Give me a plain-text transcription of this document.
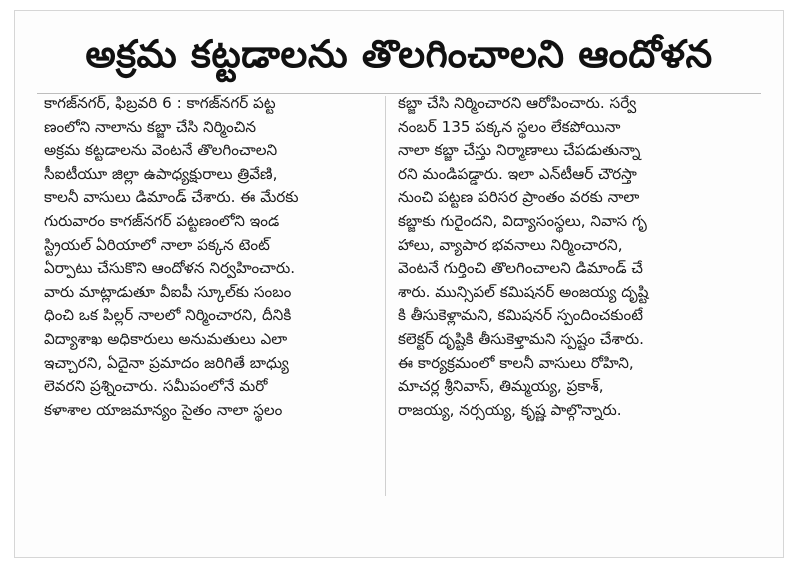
అక్రమ కట్టడాలను తొలగించాలని ఆందోళన
కాగజ్‌నగర్, ఫిబ్రవరి 6 : కాగజ్‌నగర్ పట్ట
ణంలోని నాలాను కబ్జా చేసి నిర్మించిన
అక్రమ కట్టడాలను వెంటనే తొలగించాలని
సీఐటీయూ జిల్లా ఉపాధ్యక్షురాలు త్రివేణి,
కాలనీ వాసులు డిమాండ్ చేశారు. ఈ మేరకు
గురువారం కాగజ్‌నగర్ పట్టణంలోని ఇండ
స్ట్రియల్ ఏరియాలో నాలా పక్కన టెంట్
ఏర్పాటు చేసుకొని ఆందోళన నిర్వహించారు.
వారు మాట్లాడుతూ వీఐపీ స్కూల్‌కు సంబం
ధించి ఒక పిల్లర్ నాలలో నిర్మించారని, దీనికి
విద్యాశాఖ అధికారులు అనుమతులు ఎలా
ఇచ్చారని, ఏదైనా ప్రమాదం జరిగితే బాధ్యు
లెవరని ప్రశ్నించారు. సమీపంలోనే మరో
కళాశాల యాజమాన్యం సైతం నాలా స్థలం
కబ్జా చేసి నిర్మించారని ఆరోపించారు. సర్వే
నంబర్ 135 పక్కన స్థలం లేకపోయినా
నాలా కబ్జా చేస్తు నిర్మాణాలు చేపడుతున్నా
రని మండిపడ్డారు. ఇలా ఎన్‌టీఆర్ చౌరస్తా
నుంచి పట్టణ పరిసర ప్రాంతం వరకు నాలా
కబ్జాకు గురైందని, విద్యాసంస్థలు, నివాస గృ
హాలు, వ్యాపార భవనాలు నిర్మించారని,
వెంటనే గుర్తించి తొలగించాలని డిమాండ్ చే
శారు. మున్సిపల్ కమిషనర్ అంజయ్య దృష్టి
కి తీసుకెళ్లామని, కమిషనర్ స్పందించకుంటే
కలెక్టర్ దృష్టికి తీసుకెళ్తామని స్పష్టం చేశారు.
ఈ కార్యక్రమంలో కాలనీ వాసులు రోహిని,
మాచర్ల శ్రీనివాస్, తిమ్మయ్య, ప్రకాశ్,
రాజయ్య, నర్సయ్య, కృష్ణ పాల్గొన్నారు.
